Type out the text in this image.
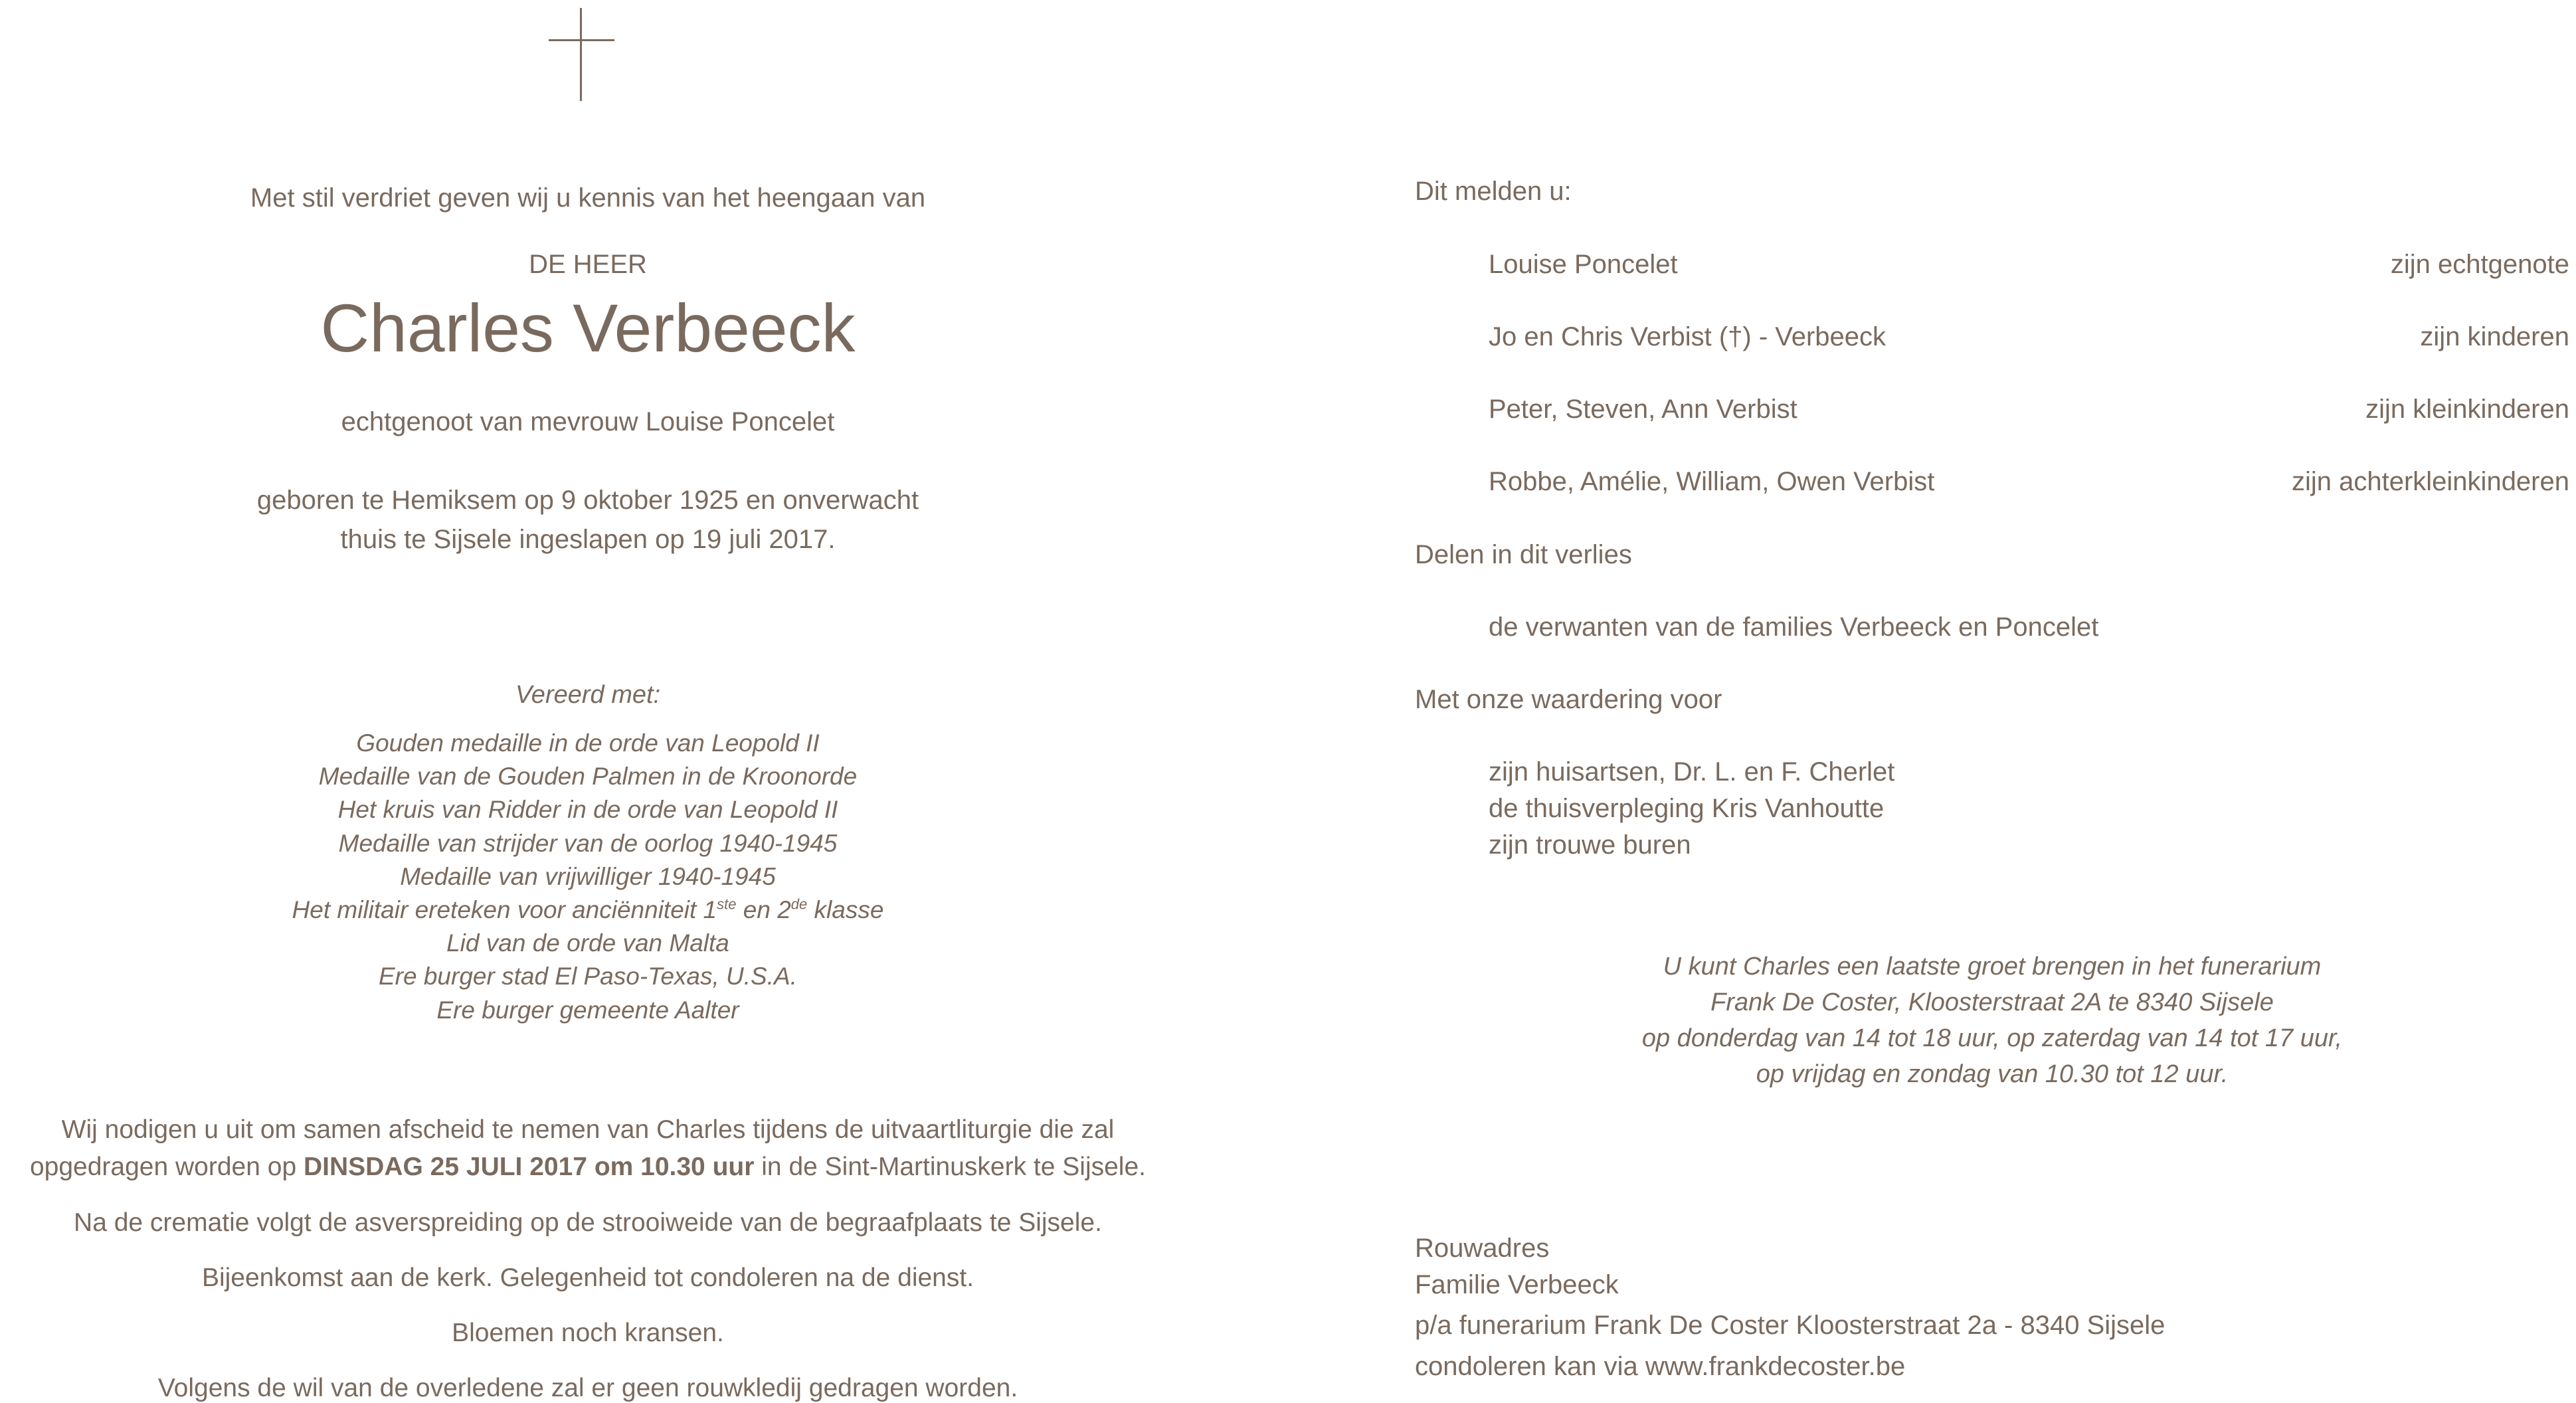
Met stil verdriet geven wij u kennis van het heengaan van
DE HEER
Charles Verbeeck
echtgenoot van mevrouw Louise Poncelet
geboren te Hemiksem op 9 oktober 1925 en onverwacht
thuis te Sijsele ingeslapen op 19 juli 2017.
Vereerd met:
Gouden medaille in de orde van Leopold II
Medaille van de Gouden Palmen in de Kroonorde
Het kruis van Ridder in de orde van Leopold II
Medaille van strijder van de oorlog 1940-1945
Medaille van vrijwilliger 1940-1945
Het militair ereteken voor anciënniteit 1ste en 2de klasse
Lid van de orde van Malta
Ere burger stad El Paso-Texas, U.S.A.
Ere burger gemeente Aalter
Wij nodigen u uit om samen afscheid te nemen van Charles tijdens de uitvaartliturgie die zal
opgedragen worden op DINSDAG 25 JULI 2017 om 10.30 uur in de Sint-Martinuskerk te Sijsele.
Na de crematie volgt de asverspreiding op de strooiweide van de begraafplaats te Sijsele.
Bijeenkomst aan de kerk. Gelegenheid tot condoleren na de dienst.
Bloemen noch kransen.
Volgens de wil van de overledene zal er geen rouwkledij gedragen worden.
Dit melden u:
Louise Poncelet	zijn echtgenote
Jo en Chris Verbist (†) - Verbeeck	zijn kinderen
Peter, Steven, Ann Verbist	zijn kleinkinderen
Robbe, Amélie, William, Owen Verbist	zijn achterkleinkinderen
Delen in dit verlies
de verwanten van de families Verbeeck en Poncelet
Met onze waardering voor
zijn huisartsen, Dr. L. en F. Cherlet
de thuisverpleging Kris Vanhoutte
zijn trouwe buren
U kunt Charles een laatste groet brengen in het funerarium
Frank De Coster, Kloosterstraat 2A te 8340 Sijsele
op donderdag van 14 tot 18 uur, op zaterdag van 14 tot 17 uur,
op vrijdag en zondag van 10.30 tot 12 uur.
Rouwadres
Familie Verbeeck
p/a funerarium Frank De Coster Kloosterstraat 2a - 8340 Sijsele
condoleren kan via www.frankdecoster.be
